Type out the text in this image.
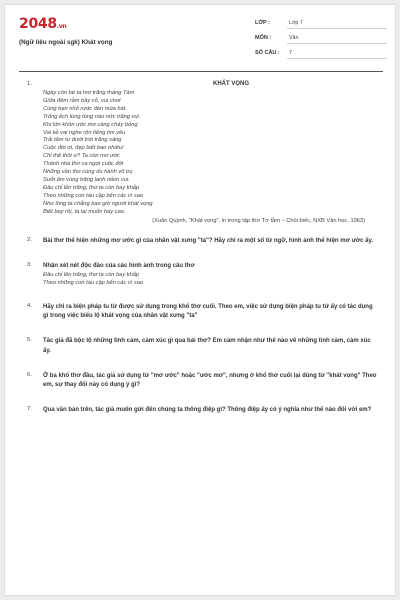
2048.vn
(Ngữ liệu ngoài sgk) Khát vọng
LỚP :	Lớp 7
MÔN :	Văn
SỐ CÂU : 7
1.	KHÁT VỌNG
Ngày còn bé ta mơ trăng tháng Tám
Giữa đêm rằm bầy cỗ, vui chơi
Cùng bạn nhỏ rước đèn múa hát
Trống ếch lùng tùng náo nức trăng vui.
Khi lớn khôn ước mơ càng cháy bỏng
Vai kề vai nghe rộn tiếng tim yêu
Trải tâm tư dưới trời trăng sáng
Cuộc đời ơi, đẹp biết bao nhiêu!
Chỉ thế thôi ư? Ta còn mơ ước
Thành nhà thơ ca ngợi cuộc đời
Những vần thơ cùng du hành vũ trụ
Sưởi ấm vùng trăng lạnh niềm vui.
Đâu chỉ lên trăng, thơ ta còn bay khắp
Theo những con tàu cập bến các vì sao
Như lòng ta chẳng bao giờ ngưới khát vọng
Biết bay rồi, ta lại muốn bay cao.
(Xuân Quỳnh, "Khát vọng", in trong tập thơ Tơ tằm – Chồi biếc, NXB Văn học, 1963)
2. Bài thơ thể hiện những mơ ước gì của nhân vật xưng "ta"? Hãy chỉ ra một số từ ngữ, hình ảnh thể hiện mơ ước ấy.
3. Nhận xét nét độc đáo của các hình ảnh trong câu thơ
Đâu chỉ lên trăng, thơ ta còn bay khắp
Theo những con tàu cập bến các vì sao
4. Hãy chỉ ra biện pháp tu từ được sử dụng trong khổ thơ cuối. Theo em, việc sử dụng biện pháp tu từ ấy có tác dụng gì trong việc biểu lộ khát vọng của nhân vật xưng "ta"
5. Tác giả đã bộc lộ những tình cảm, cảm xúc gì qua bài thơ? Em cảm nhận như thế nào về những tình cảm, cảm xúc ấy.
6. Ở ba khổ thơ đầu, tác giả sử dụng từ "mơ ước" hoặc "ước mơ", nhưng ở khổ thơ cuối lại dùng từ "khát vọng" Theo em, sự thay đổi này có dụng ý gì?
7. Qua văn bản trên, tác giả muốn gửi đến chúng ta thông điệp gì? Thông điệp ấy có ý nghĩa như thế nào đối với em?
